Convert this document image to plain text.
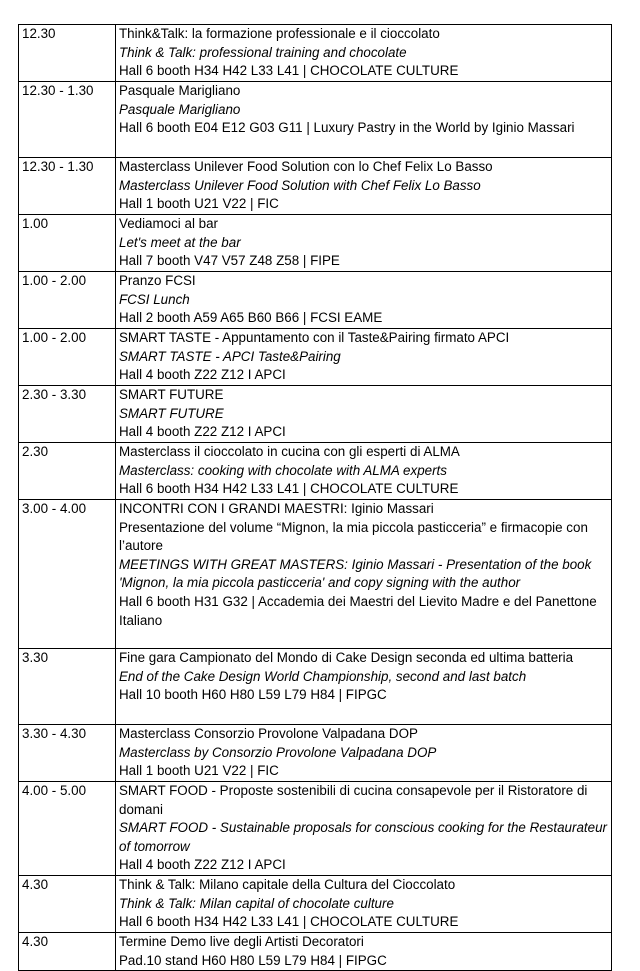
12.30	Think&Talk: la formazione professionale e il cioccolato
Think & Talk: professional training and chocolate
Hall 6 booth H34 H42 L33 L41 | CHOCOLATE CULTURE

12.30 - 1.30	Pasquale Marigliano
Pasquale Marigliano
Hall 6 booth E04 E12 G03 G11 | Luxury Pastry in the World by Iginio Massari

12.30 - 1.30	Masterclass Unilever Food Solution con lo Chef Felix Lo Basso
Masterclass Unilever Food Solution with Chef Felix Lo Basso
Hall 1 booth U21 V22 | FIC

1.00	Vediamoci al bar
Let's meet at the bar
Hall 7 booth V47 V57 Z48 Z58 | FIPE

1.00 - 2.00	Pranzo FCSI
FCSI Lunch
Hall 2 booth A59 A65 B60 B66 | FCSI EAME

1.00 - 2.00	SMART TASTE - Appuntamento con il Taste&Pairing firmato APCI
SMART TASTE - APCI Taste&Pairing
Hall 4 booth Z22 Z12 I APCI

2.30 - 3.30	SMART FUTURE
SMART FUTURE
Hall 4 booth Z22 Z12 I APCI

2.30	Masterclass il cioccolato in cucina con gli esperti di ALMA
Masterclass: cooking with chocolate with ALMA experts
Hall 6 booth H34 H42 L33 L41 | CHOCOLATE CULTURE

3.00 - 4.00	INCONTRI CON I GRANDI MAESTRI: Iginio Massari
Presentazione del volume “Mignon, la mia piccola pasticceria” e firmacopie con l’autore
MEETINGS WITH GREAT MASTERS: Iginio Massari - Presentation of the book 'Mignon, la mia piccola pasticceria' and copy signing with the author
Hall 6 booth H31 G32 | Accademia dei Maestri del Lievito Madre e del Panettone Italiano

3.30	Fine gara Campionato del Mondo di Cake Design seconda ed ultima batteria
End of the Cake Design World Championship, second and last batch
Hall 10 booth H60 H80 L59 L79 H84 | FIPGC

3.30 - 4.30	Masterclass Consorzio Provolone Valpadana DOP
Masterclass by Consorzio Provolone Valpadana DOP
Hall 1 booth U21 V22 | FIC

4.00 - 5.00	SMART FOOD - Proposte sostenibili di cucina consapevole per il Ristoratore di domani
SMART FOOD - Sustainable proposals for conscious cooking for the Restaurateur of tomorrow
Hall 4 booth Z22 Z12 I APCI

4.30	Think & Talk: Milano capitale della Cultura del Cioccolato
Think & Talk: Milan capital of chocolate culture
Hall 6 booth H34 H42 L33 L41 | CHOCOLATE CULTURE

4.30	Termine Demo live degli Artisti Decoratori
Pad.10 stand H60 H80 L59 L79 H84 | FIPGC
